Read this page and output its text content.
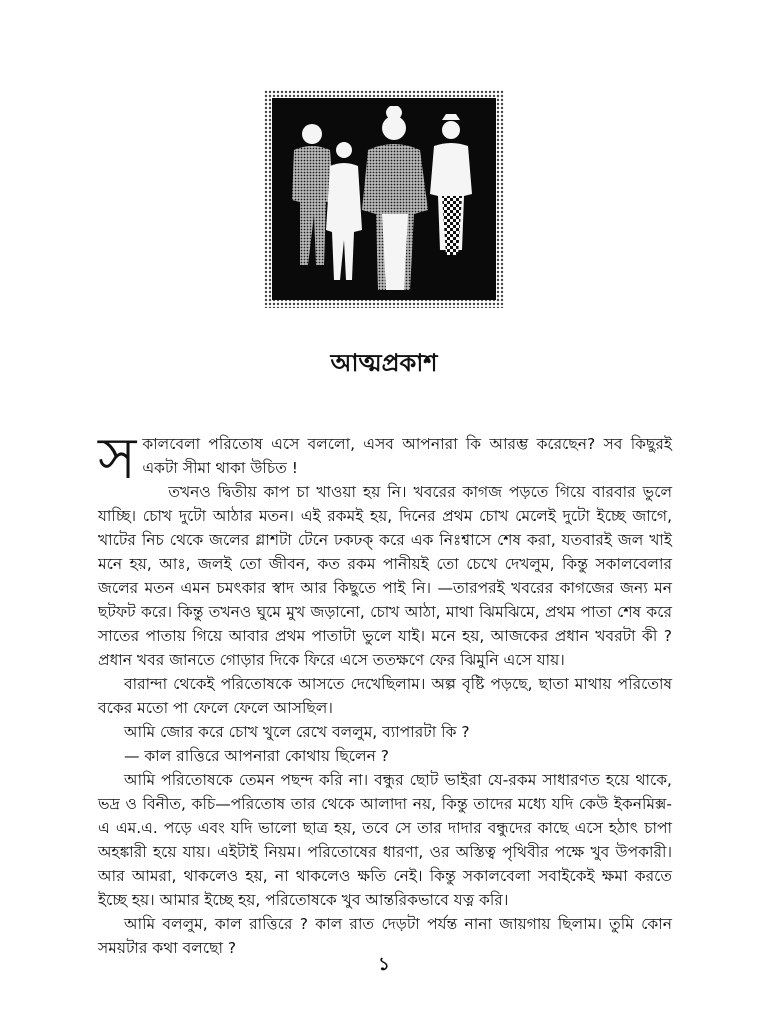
আত্মপ্রকাশ

সকালবেলা পরিতোষ এসে বললো, এসব আপনারা কি আরম্ভ করেছেন? সব কিছুরই একটা সীমা থাকা উচিত !

তখনও দ্বিতীয় কাপ চা খাওয়া হয় নি। খবরের কাগজ পড়তে গিয়ে বারবার ভুলে যাচ্ছি। চোখ দুটো আঠার মতন। এই রকমই হয়, দিনের প্রথম চোখ মেলেই দুটো ইচ্ছে জাগে, খাটের নিচ থেকে জলের গ্লাশটা টেনে ঢকঢক্‌ করে এক নিঃশ্বাসে শেষ করা, যতবারই জল খাই মনে হয়, আঃ, জলই তো জীবন, কত রকম পানীয়ই তো চেখে দেখলুম, কিন্তু সকালবেলার জলের মতন এমন চমৎকার স্বাদ আর কিছুতে পাই নি। —তারপরই খবরের কাগজের জন্য মন ছটফট করে। কিন্তু তখনও ঘুমে মুখ জড়ানো, চোখ আঠা, মাথা ঝিমঝিমে, প্রথম পাতা শেষ করে সাতের পাতায় গিয়ে আবার প্রথম পাতাটা ভুলে যাই। মনে হয়, আজকের প্রধান খবরটা কী ? প্রধান খবর জানতে গোড়ার দিকে ফিরে এসে ততক্ষণে ফের ঝিমুনি এসে যায়।

বারান্দা থেকেই পরিতোষকে আসতে দেখেছিলাম। অল্প বৃষ্টি পড়ছে, ছাতা মাথায় পরিতোষ বকের মতো পা ফেলে ফেলে আসছিল।

আমি জোর করে চোখ খুলে রেখে বললুম, ব্যাপারটা কি ?

— কাল রাত্তিরে আপনারা কোথায় ছিলেন ?

আমি পরিতোষকে তেমন পছন্দ করি না। বন্ধুর ছোট ভাইরা যে-রকম সাধারণত হয়ে থাকে, ভদ্র ও বিনীত, কচি—পরিতোষ তার থেকে আলাদা নয়, কিন্তু তাদের মধ্যে যদি কেউ ইকনমিক্স-এ এম.এ. পড়ে এবং যদি ভালো ছাত্র হয়, তবে সে তার দাদার বন্ধুদের কাছে এসে হঠাৎ চাপা অহঙ্কারী হয়ে যায়। এইটাই নিয়ম। পরিতোষের ধারণা, ওর অস্তিত্ব পৃথিবীর পক্ষে খুব উপকারী। আর আমরা, থাকলেও হয়, না থাকলেও ক্ষতি নেই। কিন্তু সকালবেলা সবাইকেই ক্ষমা করতে ইচ্ছে হয়। আমার ইচ্ছে হয়, পরিতোষকে খুব আন্তরিকভাবে যত্ন করি।

আমি বললুম, কাল রাত্তিরে ? কাল রাত দেড়টা পর্যন্ত নানা জায়গায় ছিলাম। তুমি কোন সময়টার কথা বলছো ?

১
